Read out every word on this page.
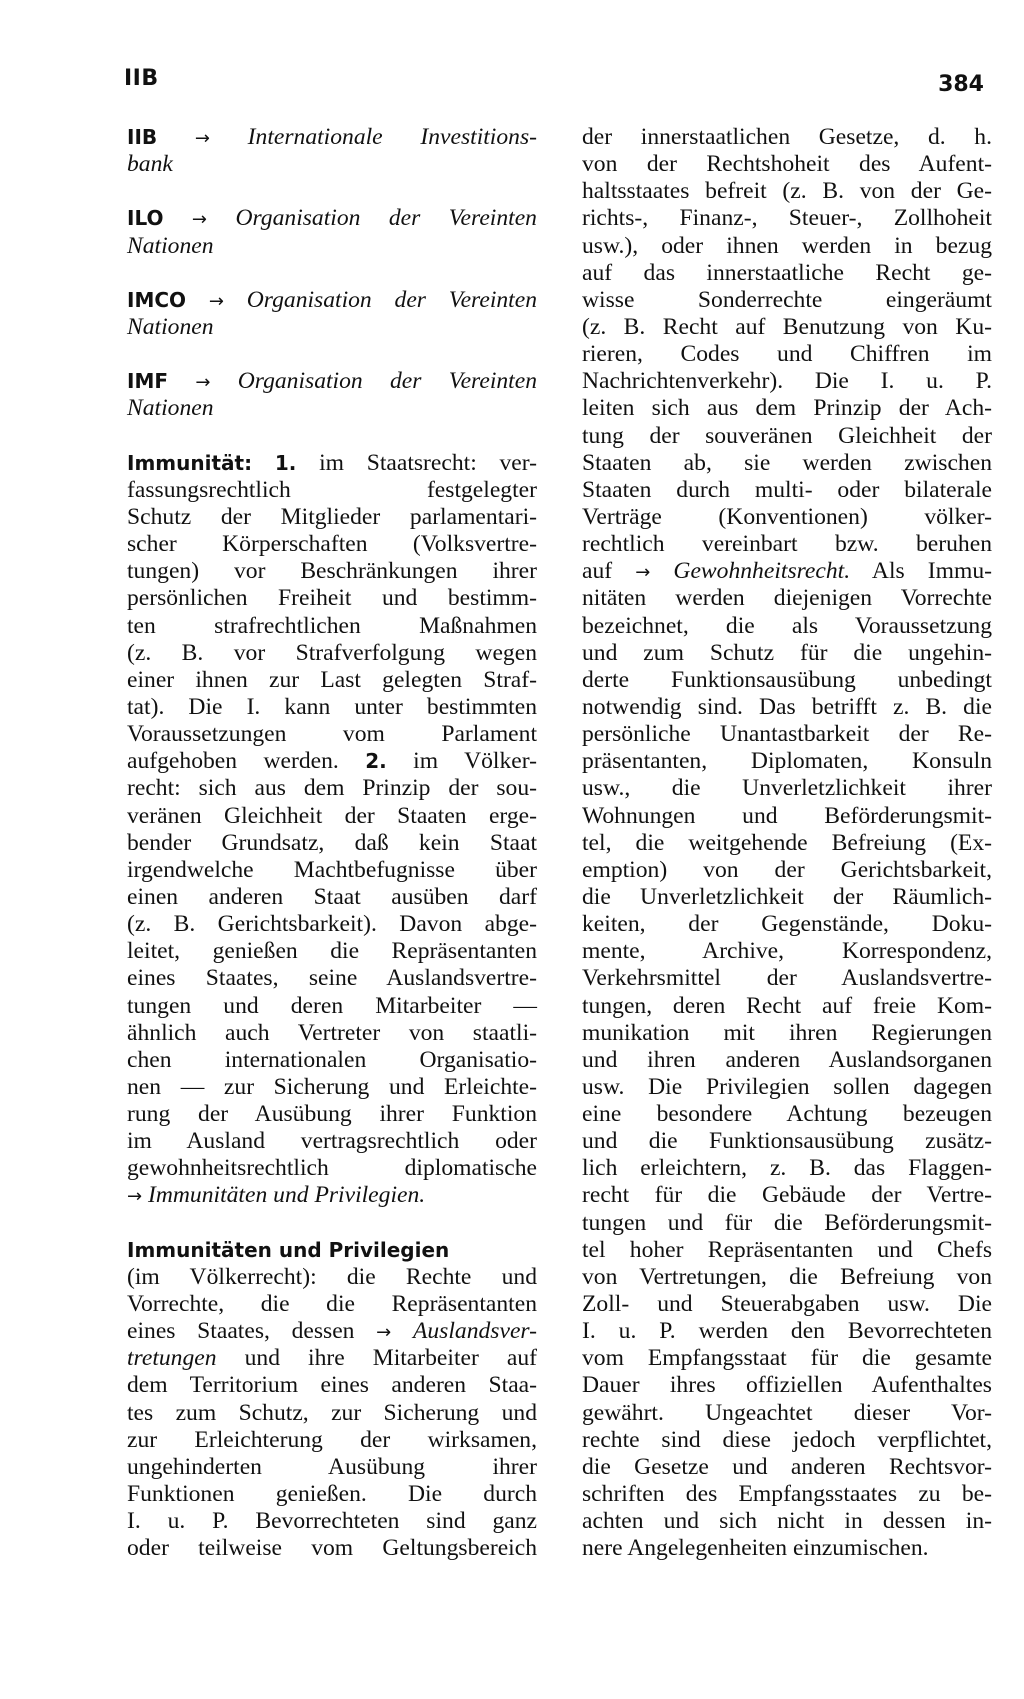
IIB	384
IIB → Internationale Investitions-
bank
ILO → Organisation der Vereinten
Nationen
IMCO → Organisation der Vereinten
Nationen
IMF → Organisation der Vereinten
Nationen
Immunität: 1. im Staatsrecht: ver-
fassungsrechtlich festgelegter
Schutz der Mitglieder parlamentari-
scher Körperschaften (Volksvertre-
tungen) vor Beschränkungen ihrer
persönlichen Freiheit und bestimm-
ten strafrechtlichen Maßnahmen
(z. B. vor Strafverfolgung wegen
einer ihnen zur Last gelegten Straf-
tat). Die I. kann unter bestimmten
Voraussetzungen vom Parlament
aufgehoben werden. 2. im Völker-
recht: sich aus dem Prinzip der sou-
veränen Gleichheit der Staaten erge-
bender Grundsatz, daß kein Staat
irgendwelche Machtbefugnisse über
einen anderen Staat ausüben darf
(z. B. Gerichtsbarkeit). Davon abge-
leitet, genießen die Repräsentanten
eines Staates, seine Auslandsvertre-
tungen und deren Mitarbeiter —
ähnlich auch Vertreter von staatli-
chen internationalen Organisatio-
nen — zur Sicherung und Erleichte-
rung der Ausübung ihrer Funktion
im Ausland vertragsrechtlich oder
gewohnheitsrechtlich diplomatische
→ Immunitäten und Privilegien.
Immunitäten und Privilegien
(im Völkerrecht): die Rechte und
Vorrechte, die die Repräsentanten
eines Staates, dessen → Auslandsver-
tretungen und ihre Mitarbeiter auf
dem Territorium eines anderen Staa-
tes zum Schutz, zur Sicherung und
zur Erleichterung der wirksamen,
ungehinderten Ausübung ihrer
Funktionen genießen. Die durch
I. u. P. Bevorrechteten sind ganz
oder teilweise vom Geltungsbereich
der innerstaatlichen Gesetze, d. h.
von der Rechtshoheit des Aufent-
haltsstaates befreit (z. B. von der Ge-
richts-, Finanz-, Steuer-, Zollhoheit
usw.), oder ihnen werden in bezug
auf das innerstaatliche Recht ge-
wisse Sonderrechte eingeräumt
(z. B. Recht auf Benutzung von Ku-
rieren, Codes und Chiffren im
Nachrichtenverkehr). Die I. u. P.
leiten sich aus dem Prinzip der Ach-
tung der souveränen Gleichheit der
Staaten ab, sie werden zwischen
Staaten durch multi- oder bilaterale
Verträge (Konventionen) völker-
rechtlich vereinbart bzw. beruhen
auf → Gewohnheitsrecht. Als Immu-
nitäten werden diejenigen Vorrechte
bezeichnet, die als Voraussetzung
und zum Schutz für die ungehin-
derte Funktionsausübung unbedingt
notwendig sind. Das betrifft z. B. die
persönliche Unantastbarkeit der Re-
präsentanten, Diplomaten, Konsuln
usw., die Unverletzlichkeit ihrer
Wohnungen und Beförderungsmit-
tel, die weitgehende Befreiung (Ex-
emption) von der Gerichtsbarkeit,
die Unverletzlichkeit der Räumlich-
keiten, der Gegenstände, Doku-
mente, Archive, Korrespondenz,
Verkehrsmittel der Auslandsvertre-
tungen, deren Recht auf freie Kom-
munikation mit ihren Regierungen
und ihren anderen Auslandsorganen
usw. Die Privilegien sollen dagegen
eine besondere Achtung bezeugen
und die Funktionsausübung zusätz-
lich erleichtern, z. B. das Flaggen-
recht für die Gebäude der Vertre-
tungen und für die Beförderungsmit-
tel hoher Repräsentanten und Chefs
von Vertretungen, die Befreiung von
Zoll- und Steuerabgaben usw. Die
I. u. P. werden den Bevorrechteten
vom Empfangsstaat für die gesamte
Dauer ihres offiziellen Aufenthaltes
gewährt. Ungeachtet dieser Vor-
rechte sind diese jedoch verpflichtet,
die Gesetze und anderen Rechtsvor-
schriften des Empfangsstaates zu be-
achten und sich nicht in dessen in-
nere Angelegenheiten einzumischen.
